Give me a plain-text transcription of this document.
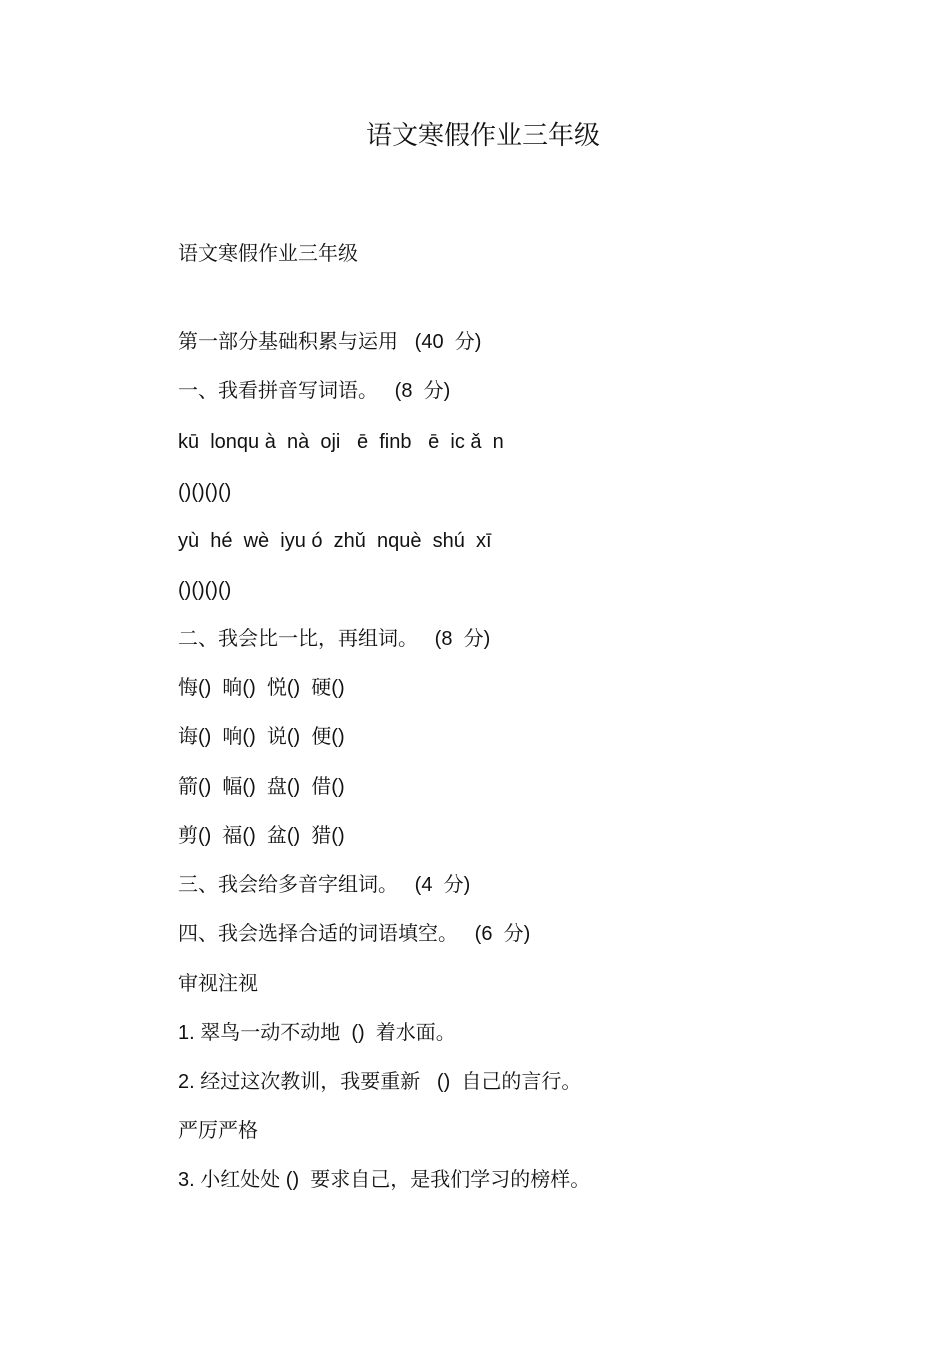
语文寒假作业三年级
语文寒假作业三年级
第一部分基础积累与运用   (40  分)
一、我看拼音写词语。   (8  分)
kū  lonqu à  nà  oji   ē  finb   ē  ic ǎ  n
()()()()
yù  hé  wè  iyu ó  zhǔ  nquè  shú  xī
()()()()
二、我会比一比，再组词。   (8  分)
悔()  晌()  悦()  硬()
诲()  响()  说()  便()
箭()  幅()  盘()  借()
剪()  福()  盆()  猎()
三、我会给多音字组词。   (4  分)
四、我会选择合适的词语填空。   (6  分)
审视注视
1. 翠鸟一动不动地  ()  着水面。
2. 经过这次教训，我要重新   ()  自己的言行。
严厉严格
3. 小红处处 ()  要求自己，是我们学习的榜样。
